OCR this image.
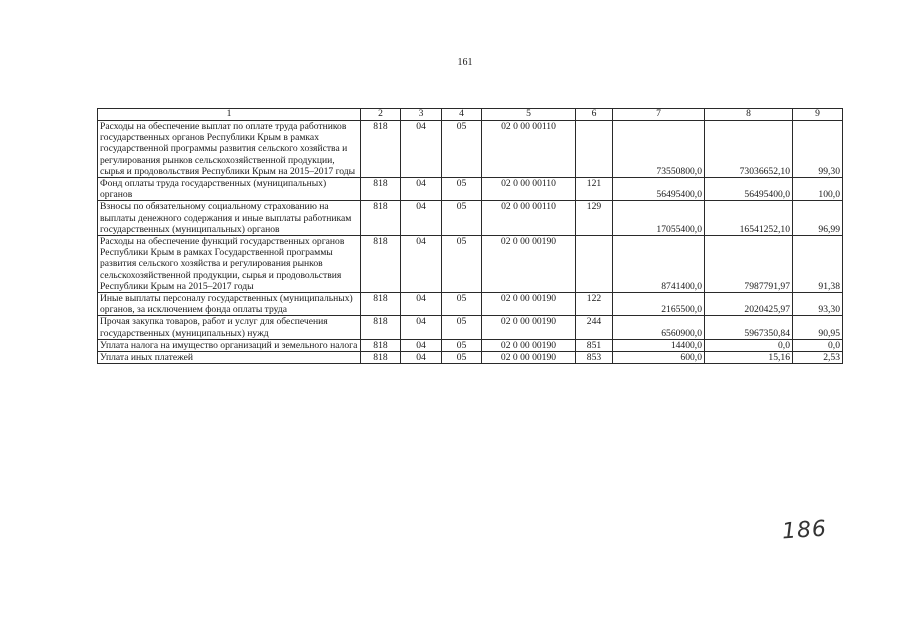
161
1	2	3	4	5	6	7	8	9
Расходы на обеспечение выплат по оплате труда работников государственных органов Республики Крым в рамках государственной программы развития сельского хозяйства и регулирования рынков сельскохозяйственной продукции, сырья и продовольствия Республики Крым на 2015–2017 годы	818	04	05	02 0 00 00110		73550800,0	73036652,10	99,30
Фонд оплаты труда государственных (муниципальных) органов	818	04	05	02 0 00 00110	121	56495400,0	56495400,0	100,0
Взносы по обязательному социальному страхованию на выплаты денежного содержания и иные выплаты работникам государственных (муниципальных) органов	818	04	05	02 0 00 00110	129	17055400,0	16541252,10	96,99
Расходы на обеспечение функций государственных органов Республики Крым в рамках Государственной программы развития сельского хозяйства и регулирования рынков сельскохозяйственной продукции, сырья и продовольствия Республики Крым на 2015–2017 годы	818	04	05	02 0 00 00190		8741400,0	7987791,97	91,38
Иные выплаты персоналу государственных (муниципальных) органов, за исключением фонда оплаты труда	818	04	05	02 0 00 00190	122	2165500,0	2020425,97	93,30
Прочая закупка товаров, работ и услуг для обеспечения государственных (муниципальных) нужд	818	04	05	02 0 00 00190	244	6560900,0	5967350,84	90,95
Уплата налога на имущество организаций и земельного налога	818	04	05	02 0 00 00190	851	14400,0	0,0	0,0
Уплата иных платежей	818	04	05	02 0 00 00190	853	600,0	15,16	2,53
186
